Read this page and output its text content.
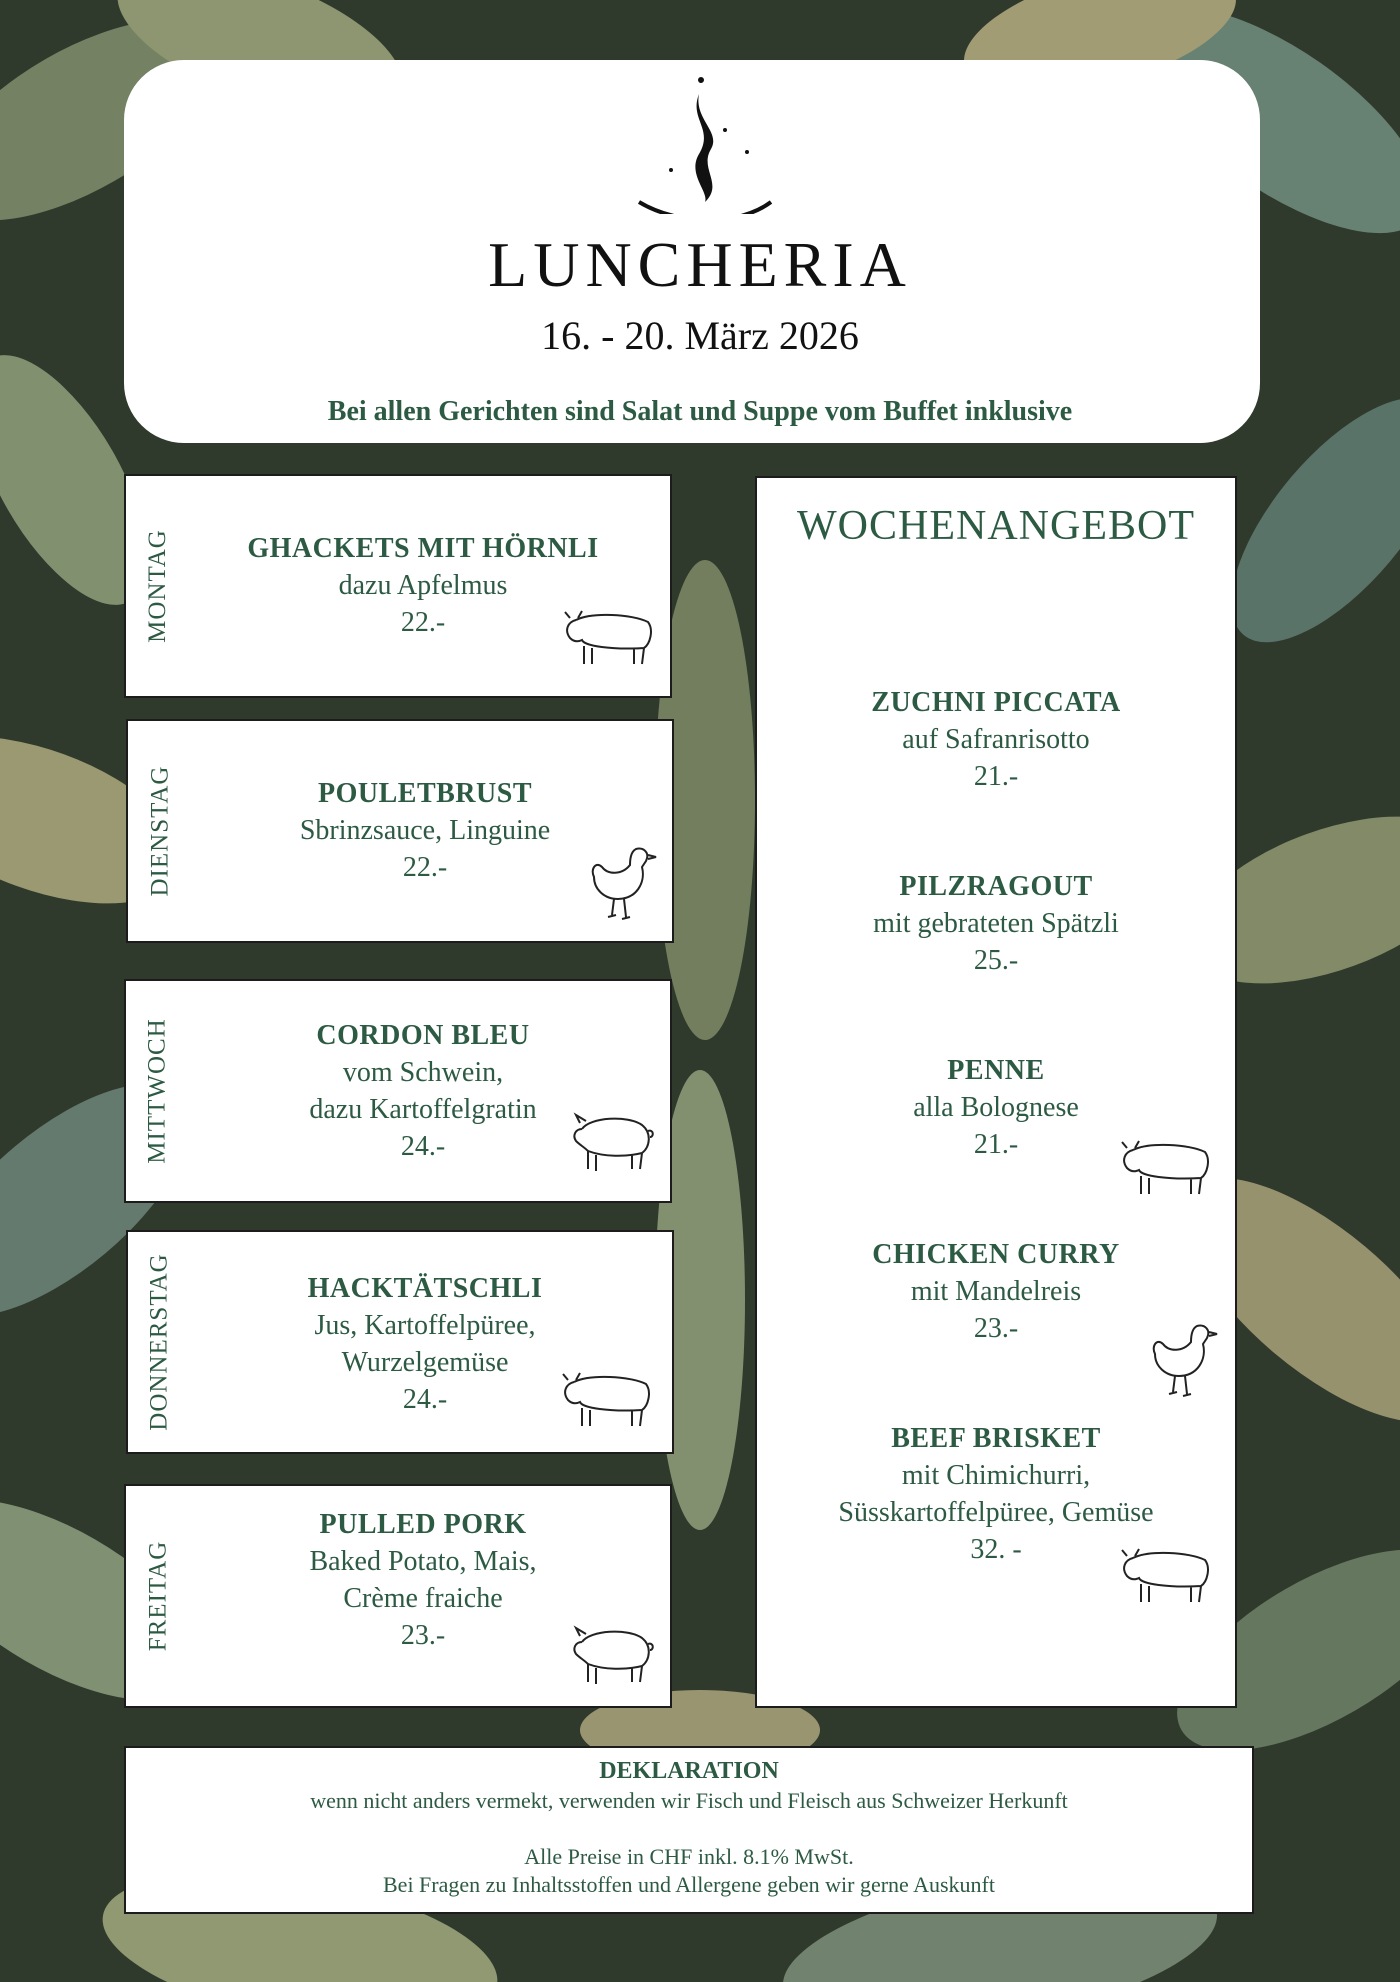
LUNCHERIA
16. - 20. März 2026
Bei allen Gerichten sind Salat und Suppe vom Buffet inklusive
MONTAG	GHACKETS MIT HÖRNLI
dazu Apfelmus
22.-
DIENSTAG	POULETBRUST
Sbrinzsauce, Linguine
22.-
MITTWOCH	CORDON BLEU
vom Schwein,
dazu Kartoffelgratin
24.-
DONNERSTAG	HACKTÄTSCHLI
Jus, Kartoffelpüree,
Wurzelgemüse
24.-
FREITAG
PULLED PORK
Baked Potato, Mais,
Crème fraiche
23.-
WOCHENANGEBOT
ZUCHNI PICCATA
auf Safranrisotto
21.-
PILZRAGOUT
mit gebrateten Spätzli
25.-
PENNE
alla Bolognese
21.-
CHICKEN CURRY
mit Mandelreis
23.-
BEEF BRISKET
mit Chimichurri,
Süsskartoffelpüree, Gemüse
32. -
DEKLARATION
wenn nicht anders vermekt, verwenden wir Fisch und Fleisch aus Schweizer Herkunft
Alle Preise in CHF inkl. 8.1% MwSt.
Bei Fragen zu Inhaltsstoffen und Allergene geben wir gerne Auskunft
